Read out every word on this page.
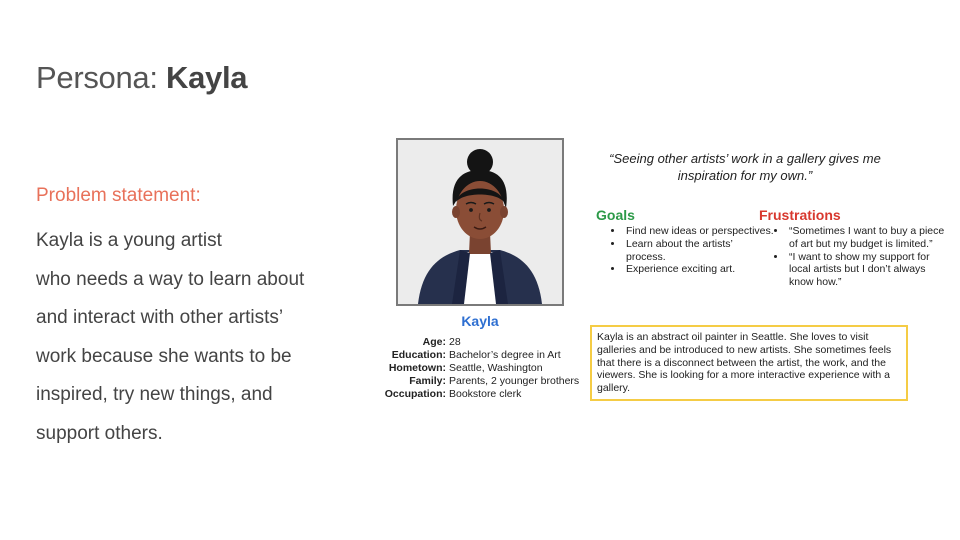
Persona: Kayla
Problem statement:
Kayla is a young artist
who needs a way to learn about
and interact with other artists’
work because she wants to be
inspired, try new things, and
support others.
Kayla
Age: 28
Education: Bachelor’s degree in Art
Hometown: Seattle, Washington
Family: Parents, 2 younger brothers
Occupation: Bookstore clerk
“Seeing other artists’ work in a gallery gives me inspiration for my own.”
Goals
• Find new ideas or perspectives.
• Learn about the artists’ process.
• Experience exciting art.
Frustrations
• “Sometimes I want to buy a piece of art but my budget is limited.”
• “I want to show my support for local artists but I don’t always know how.”
Kayla is an abstract oil painter in Seattle. She loves to visit galleries and be introduced to new artists. She sometimes feels that there is a disconnect between the artist, the work, and the viewers. She is looking for a more interactive experience with a gallery.
